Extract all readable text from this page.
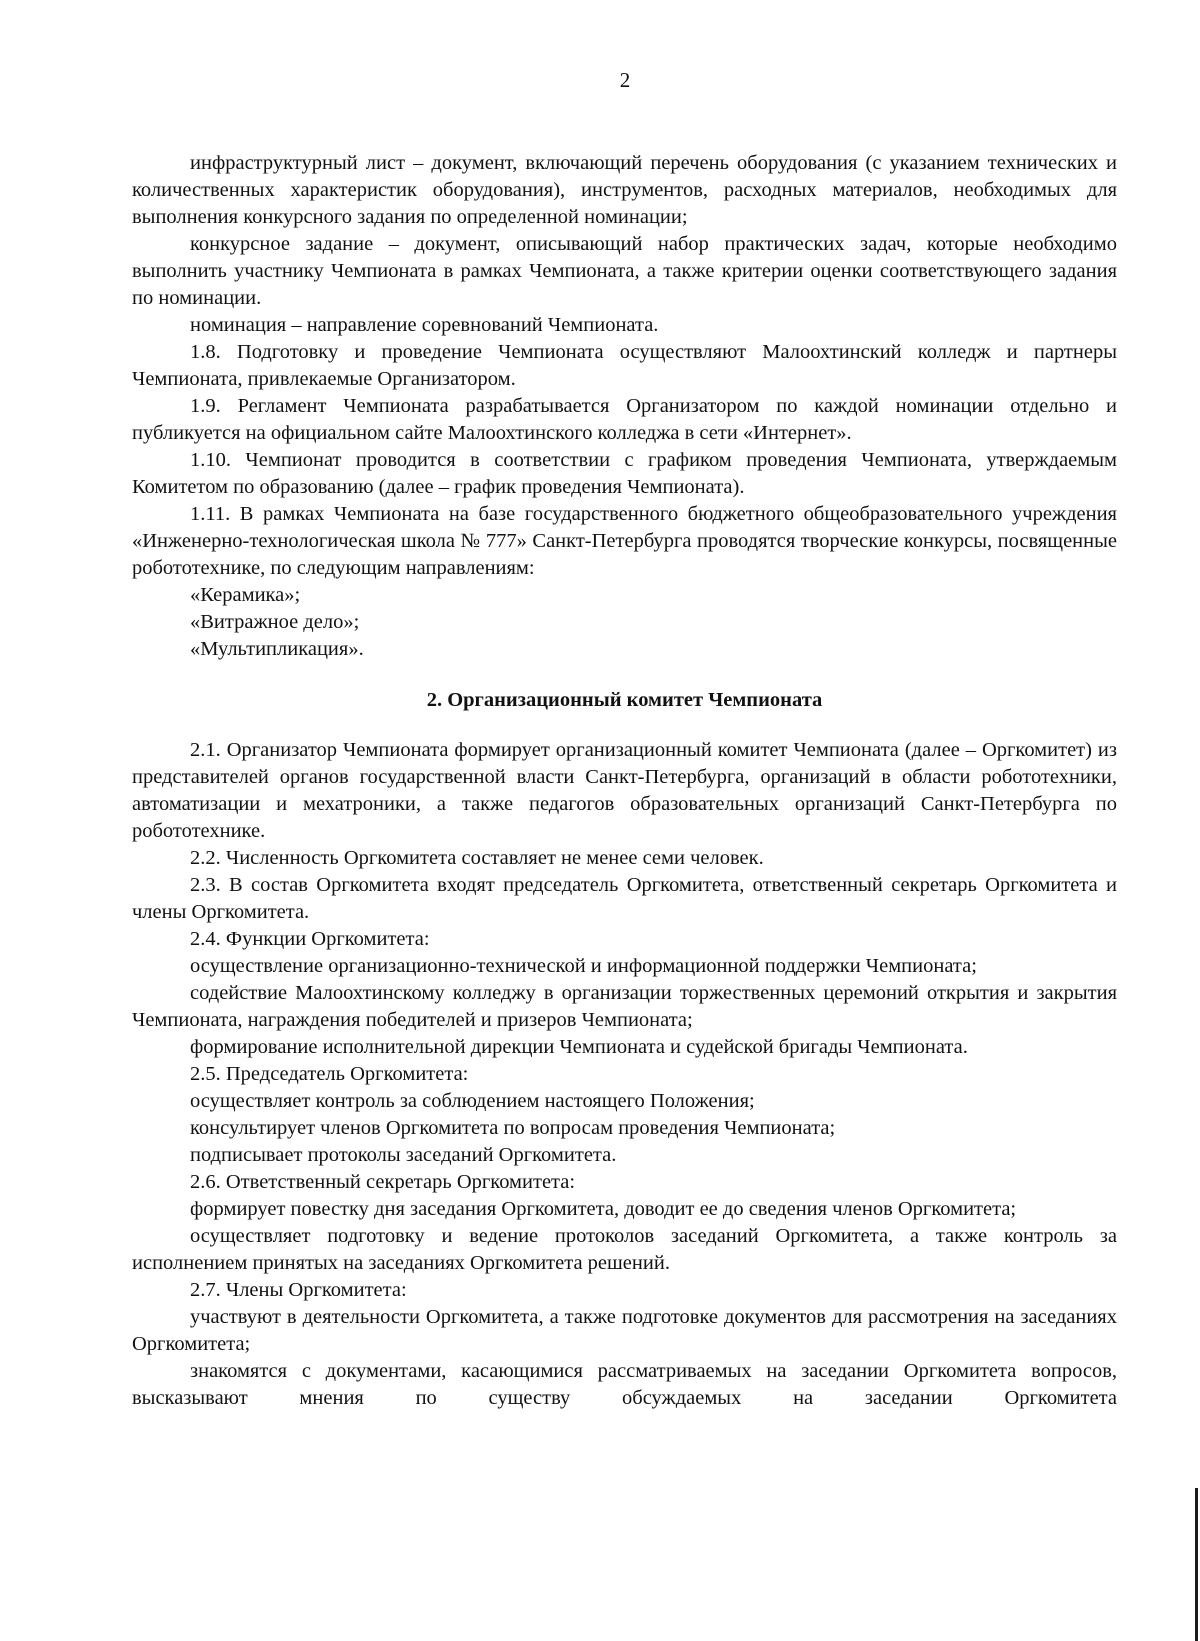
2
инфраструктурный лист – документ, включающий перечень оборудования (с указанием технических и количественных характеристик оборудования), инструментов, расходных материалов, необходимых для выполнения конкурсного задания по определенной номинации;
конкурсное задание – документ, описывающий набор практических задач, которые необходимо выполнить участнику Чемпионата в рамках Чемпионата, а также критерии оценки соответствующего задания по номинации.
номинация – направление соревнований Чемпионата.
1.8. Подготовку и проведение Чемпионата осуществляют Малоохтинский колледж и партнеры Чемпионата, привлекаемые Организатором.
1.9. Регламент Чемпионата разрабатывается Организатором по каждой номинации отдельно и публикуется на официальном сайте Малоохтинского колледжа в сети «Интернет».
1.10. Чемпионат проводится в соответствии с графиком проведения Чемпионата, утверждаемым Комитетом по образованию (далее – график проведения Чемпионата).
1.11. В рамках Чемпионата на базе государственного бюджетного общеобразовательного учреждения «Инженерно-технологическая школа № 777» Санкт-Петербурга проводятся творческие конкурсы, посвященные робототехнике, по следующим направлениям:
«Керамика»;
«Витражное дело»;
«Мультипликация».
2. Организационный комитет Чемпионата
2.1. Организатор Чемпионата формирует организационный комитет Чемпионата (далее – Оргкомитет) из представителей органов государственной власти Санкт-Петербурга, организаций в области робототехники, автоматизации и мехатроники, а также педагогов образовательных организаций Санкт-Петербурга по робототехнике.
2.2. Численность Оргкомитета составляет не менее семи человек.
2.3. В состав Оргкомитета входят председатель Оргкомитета, ответственный секретарь Оргкомитета и члены Оргкомитета.
2.4. Функции Оргкомитета:
осуществление организационно-технической и информационной поддержки Чемпионата;
содействие Малоохтинскому колледжу в организации торжественных церемоний открытия и закрытия Чемпионата, награждения победителей и призеров Чемпионата;
формирование исполнительной дирекции Чемпионата и судейской бригады Чемпионата.
2.5. Председатель Оргкомитета:
осуществляет контроль за соблюдением настоящего Положения;
консультирует членов Оргкомитета по вопросам проведения Чемпионата;
подписывает протоколы заседаний Оргкомитета.
2.6. Ответственный секретарь Оргкомитета:
формирует повестку дня заседания Оргкомитета, доводит ее до сведения членов Оргкомитета;
осуществляет подготовку и ведение протоколов заседаний Оргкомитета, а также контроль за исполнением принятых на заседаниях Оргкомитета решений.
2.7. Члены Оргкомитета:
участвуют в деятельности Оргкомитета, а также подготовке документов для рассмотрения на заседаниях Оргкомитета;
знакомятся с документами, касающимися рассматриваемых на заседании Оргкомитета вопросов, высказывают мнения по существу обсуждаемых на заседании Оргкомитета
